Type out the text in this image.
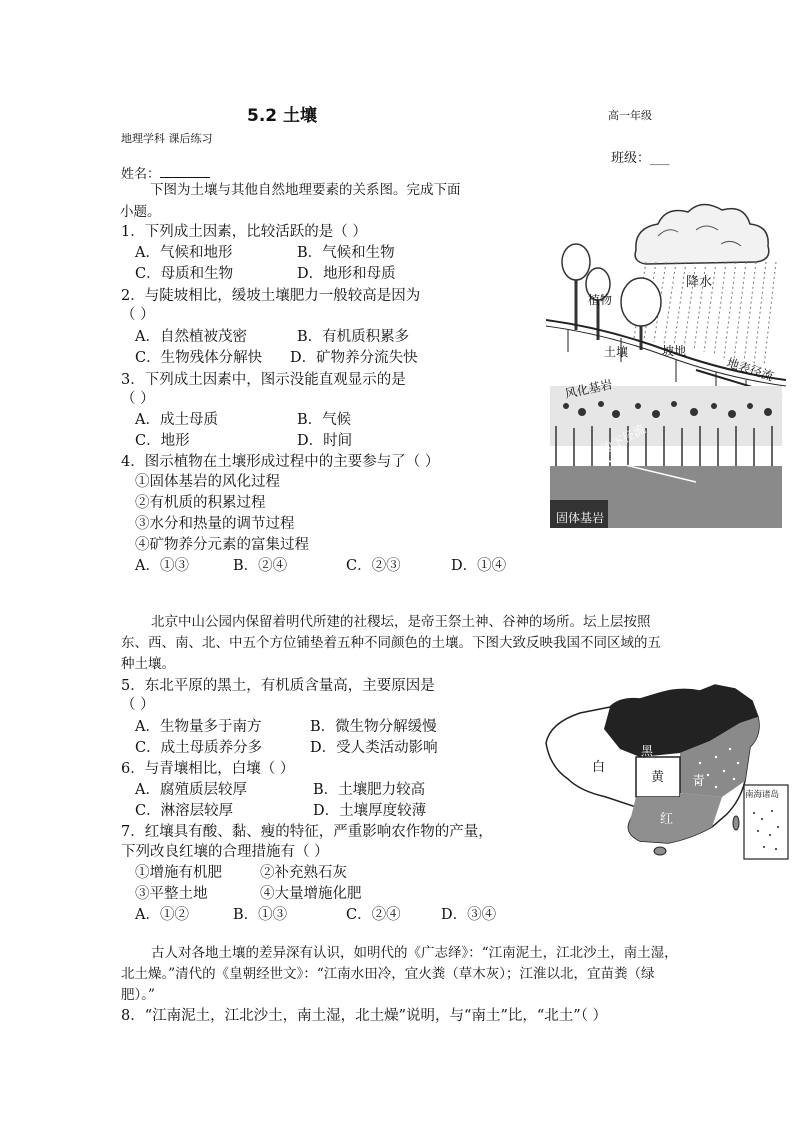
5.2 土壤	高一年级
地理学科 课后练习
班级：___
姓名：
下图为土壤与其他自然地理要素的关系图。完成下面
小题。
1．下列成土因素，比较活跃的是（ ）
A．气候和地形	B．气候和生物
C．母质和生物	D．地形和母质
2．与陡坡相比，缓坡土壤肥力一般较高是因为
（ ）
A．自然植被茂密	B．有机质积累多
C．生物残体分解快 D．矿物养分流失快
3．下列成土因素中，图示没能直观显示的是
（ ）
A．成土母质	B．气候
C．地形	D．时间
4．图示植物在土壤形成过程中的主要参与了（ ）
①固体基岩的风化过程
②有机质的积累过程
③水分和热量的调节过程
④矿物养分元素的富集过程
A．①③	B．②④	C．②③	D．①④
降水
植物
土壤	坡地
地表径流
风化基岩
地下径流
固体基岩
北京中山公园内保留着明代所建的社稷坛，是帝王祭土神、谷神的场所。坛上层按照东、西、南、北、中五个方位铺垫着五种不同颜色的土壤。下图大致反映我国不同区域的五种土壤。
5．东北平原的黑土，有机质含量高，主要原因是
（ ）
A．生物量多于南方	B．微生物分解缓慢
C．成土母质养分多	D．受人类活动影响
6．与青壤相比，白壤（ ）
A．腐殖质层较厚	B．土壤肥力较高
C．淋溶层较厚	D．土壤厚度较薄
7．红壤具有酸、黏、瘦的特征，严重影响农作物的产量，
下列改良红壤的合理措施有（ ）
①增施有机肥	②补充熟石灰
③平整土地	④大量增施化肥
A．①②	B．①③	C．②④	D．③④
白
黑
黄 青
红
南海诸岛
古人对各地土壤的差异深有认识，如明代的《广志绎》：“江南泥土，江北沙土，南土湿，北土燥。”清代的《皇朝经世文》：“江南水田冷，宜火粪（草木灰）；江淮以北，宜苗粪（绿肥）。”
8．“江南泥土，江北沙土，南土湿，北土燥”说明，与“南土”比，“北土”（ ）
